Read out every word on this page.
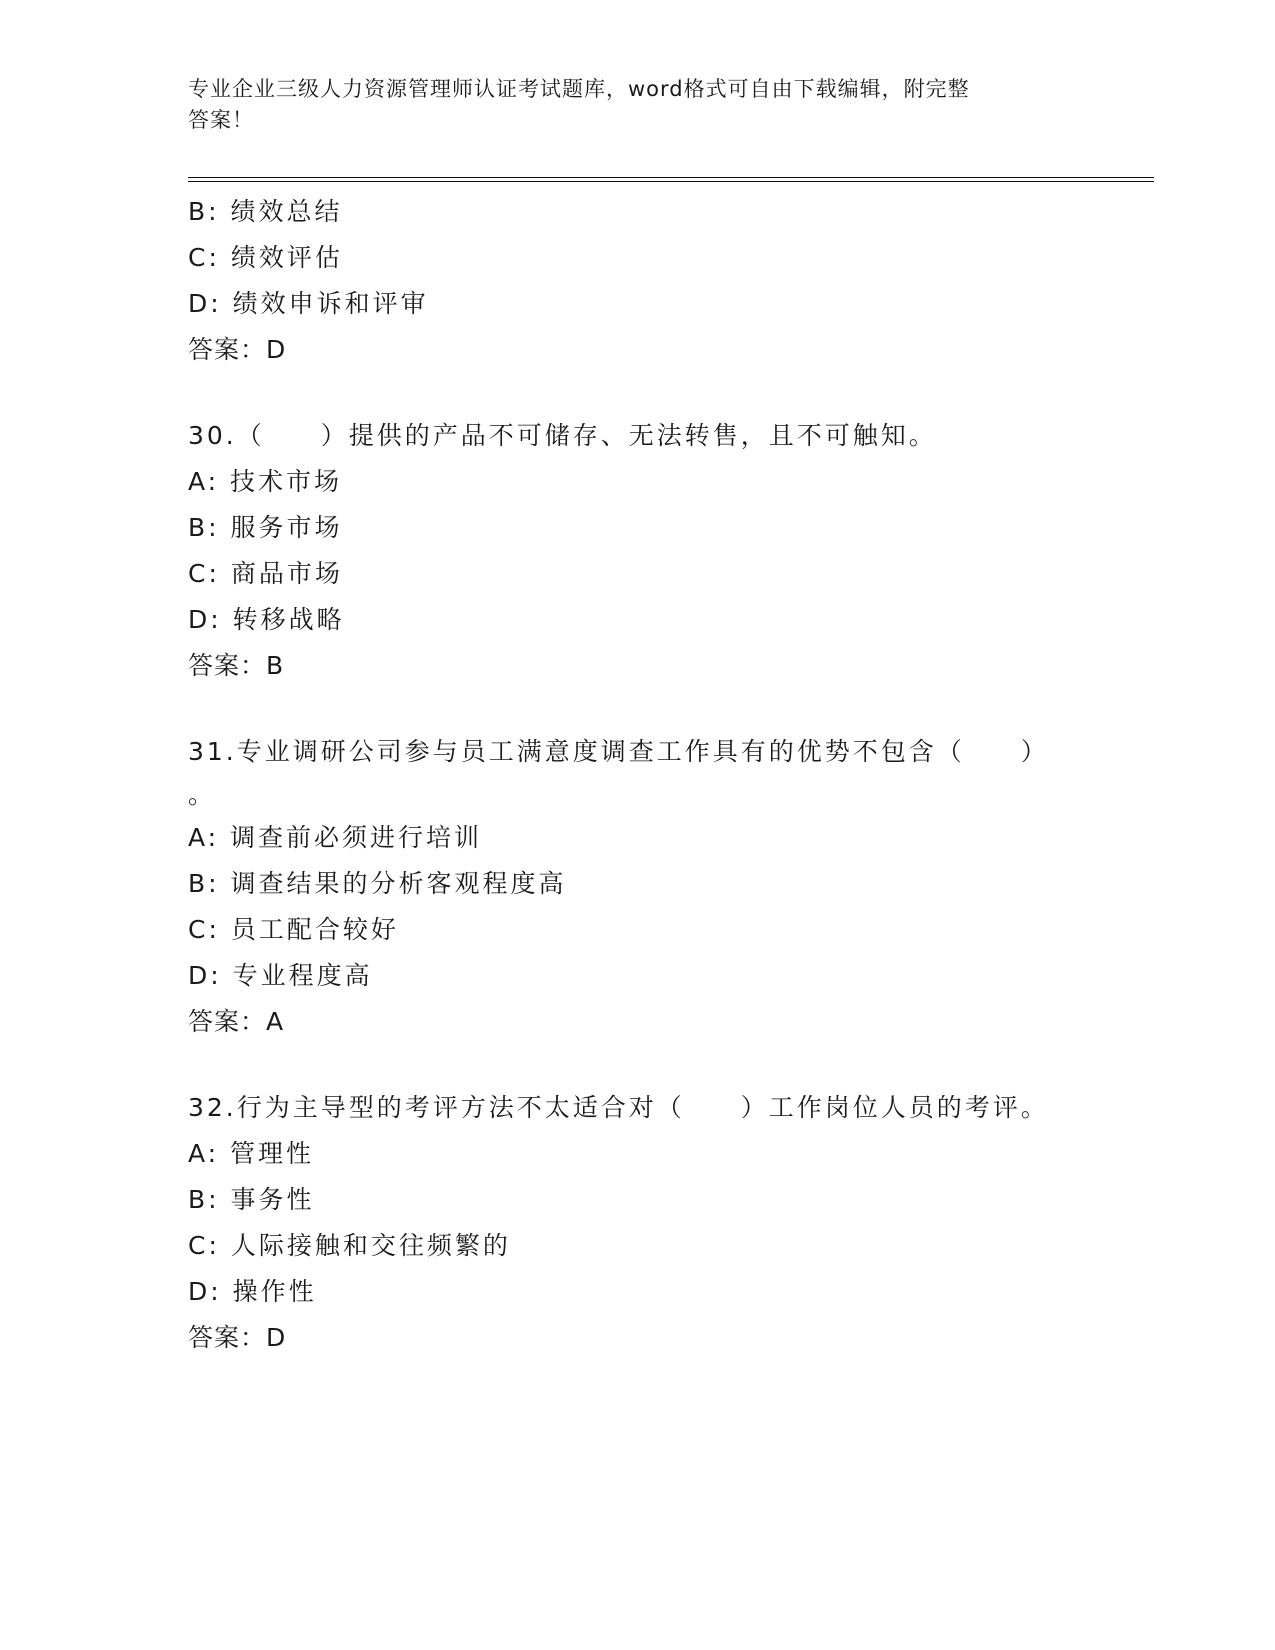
专业企业三级人力资源管理师认证考试题库，word格式可自由下载编辑，附完整
答案！
B: 绩效总结
C: 绩效评估
D: 绩效申诉和评审
答案：D
30.（　　）提供的产品不可储存、无法转售，且不可触知。
A: 技术市场
B: 服务市场
C: 商品市场
D: 转移战略
答案：B
31.专业调研公司参与员工满意度调查工作具有的优势不包含（　　）
。
A: 调查前必须进行培训
B: 调查结果的分析客观程度高
C: 员工配合较好
D: 专业程度高
答案：A
32.行为主导型的考评方法不太适合对（　　）工作岗位人员的考评。
A: 管理性
B: 事务性
C: 人际接触和交往频繁的
D: 操作性
答案：D
